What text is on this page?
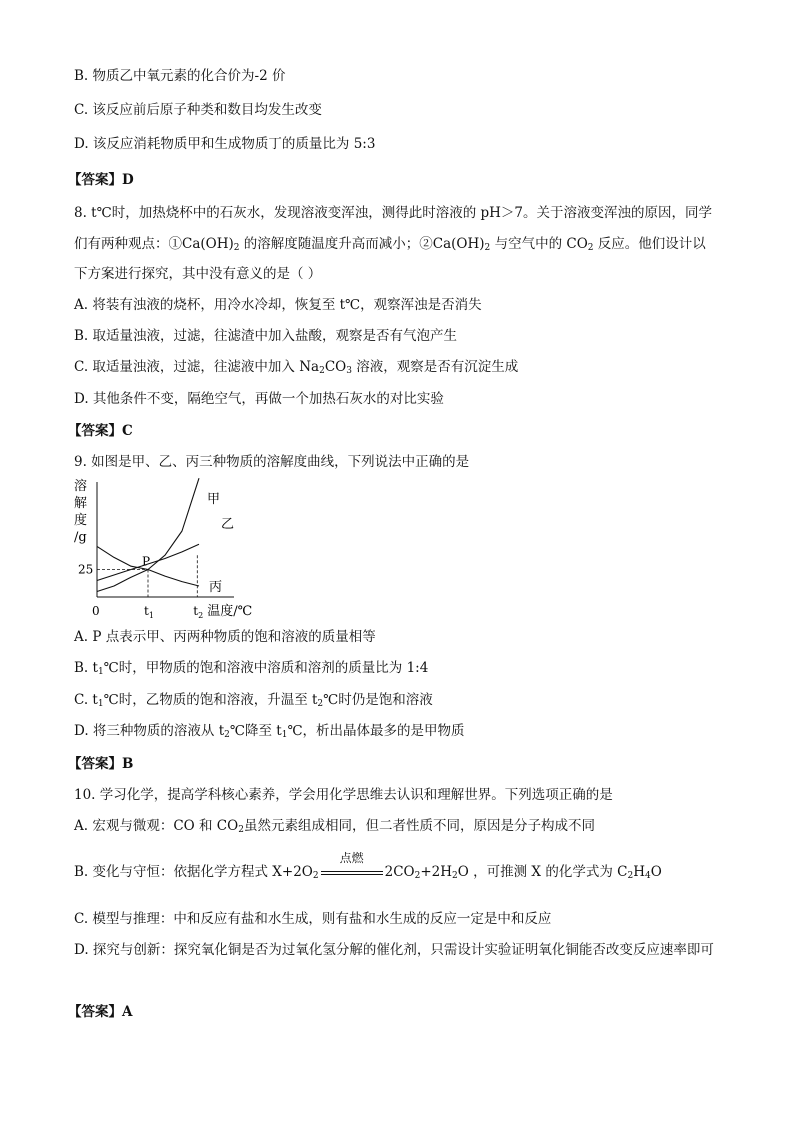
B. 物质乙中氧元素的化合价为-2 价
C. 该反应前后原子种类和数目均发生改变
D. 该反应消耗物质甲和生成物质丁的质量比为 5:3
【答案】D
8. t℃时，加热烧杯中的石灰水，发现溶液变浑浊，测得此时溶液的 pH＞7。关于溶液变浑浊的原因，同学
们有两种观点：$①Ca(OH)_2$ 的溶解度随温度升高而减小；$②Ca(OH)_2$ 与空气中的 $CO_2$ 反应。他们设计以
下方案进行探究，其中没有意义的是（ ）
A. 将装有浊液的烧杯，用冷水冷却，恢复至 t℃，观察浑浊是否消失
B. 取适量浊液，过滤，往滤渣中加入盐酸，观察是否有气泡产生
C. 取适量浊液，过滤，往滤液中加入 $Na_2CO_3$ 溶液，观察是否有沉淀生成
D. 其他条件不变，隔绝空气，再做一个加热石灰水的对比实验
【答案】C
9. 如图是甲、乙、丙三种物质的溶解度曲线，下列说法中正确的是
溶
解
度
/g
0
25
$t_1$	$t_2$ 温度/℃
甲
乙
丙
P
A. P 点表示甲、丙两种物质的饱和溶液的质量相等
B. $t_1℃$时，甲物质的饱和溶液中溶质和溶剂的质量比为 1:4
C. $t_1℃$时，乙物质的饱和溶液，升温至 $t_2℃$时仍是饱和溶液
D. 将三种物质的溶液从 $t_2℃$降至 $t_1℃$，析出晶体最多的是甲物质
【答案】B
10. 学习化学，提高学科核心素养，学会用化学思维去认识和理解世界。下列选项正确的是
A. 宏观与微观：CO 和 $CO_2$虽然元素组成相同，但二者性质不同，原因是分子构成不同
B. 变化与守恒：依据化学方程式 $X+2O_2$
点燃
$2CO_2+2H_2O$ ，可推测 X 的化学式为 $C_2H_4O$
C. 模型与推理：中和反应有盐和水生成，则有盐和水生成的反应一定是中和反应
D. 探究与创新：探究氧化铜是否为过氧化氢分解的催化剂，只需设计实验证明氧化铜能否改变反应速率即可
【答案】A
